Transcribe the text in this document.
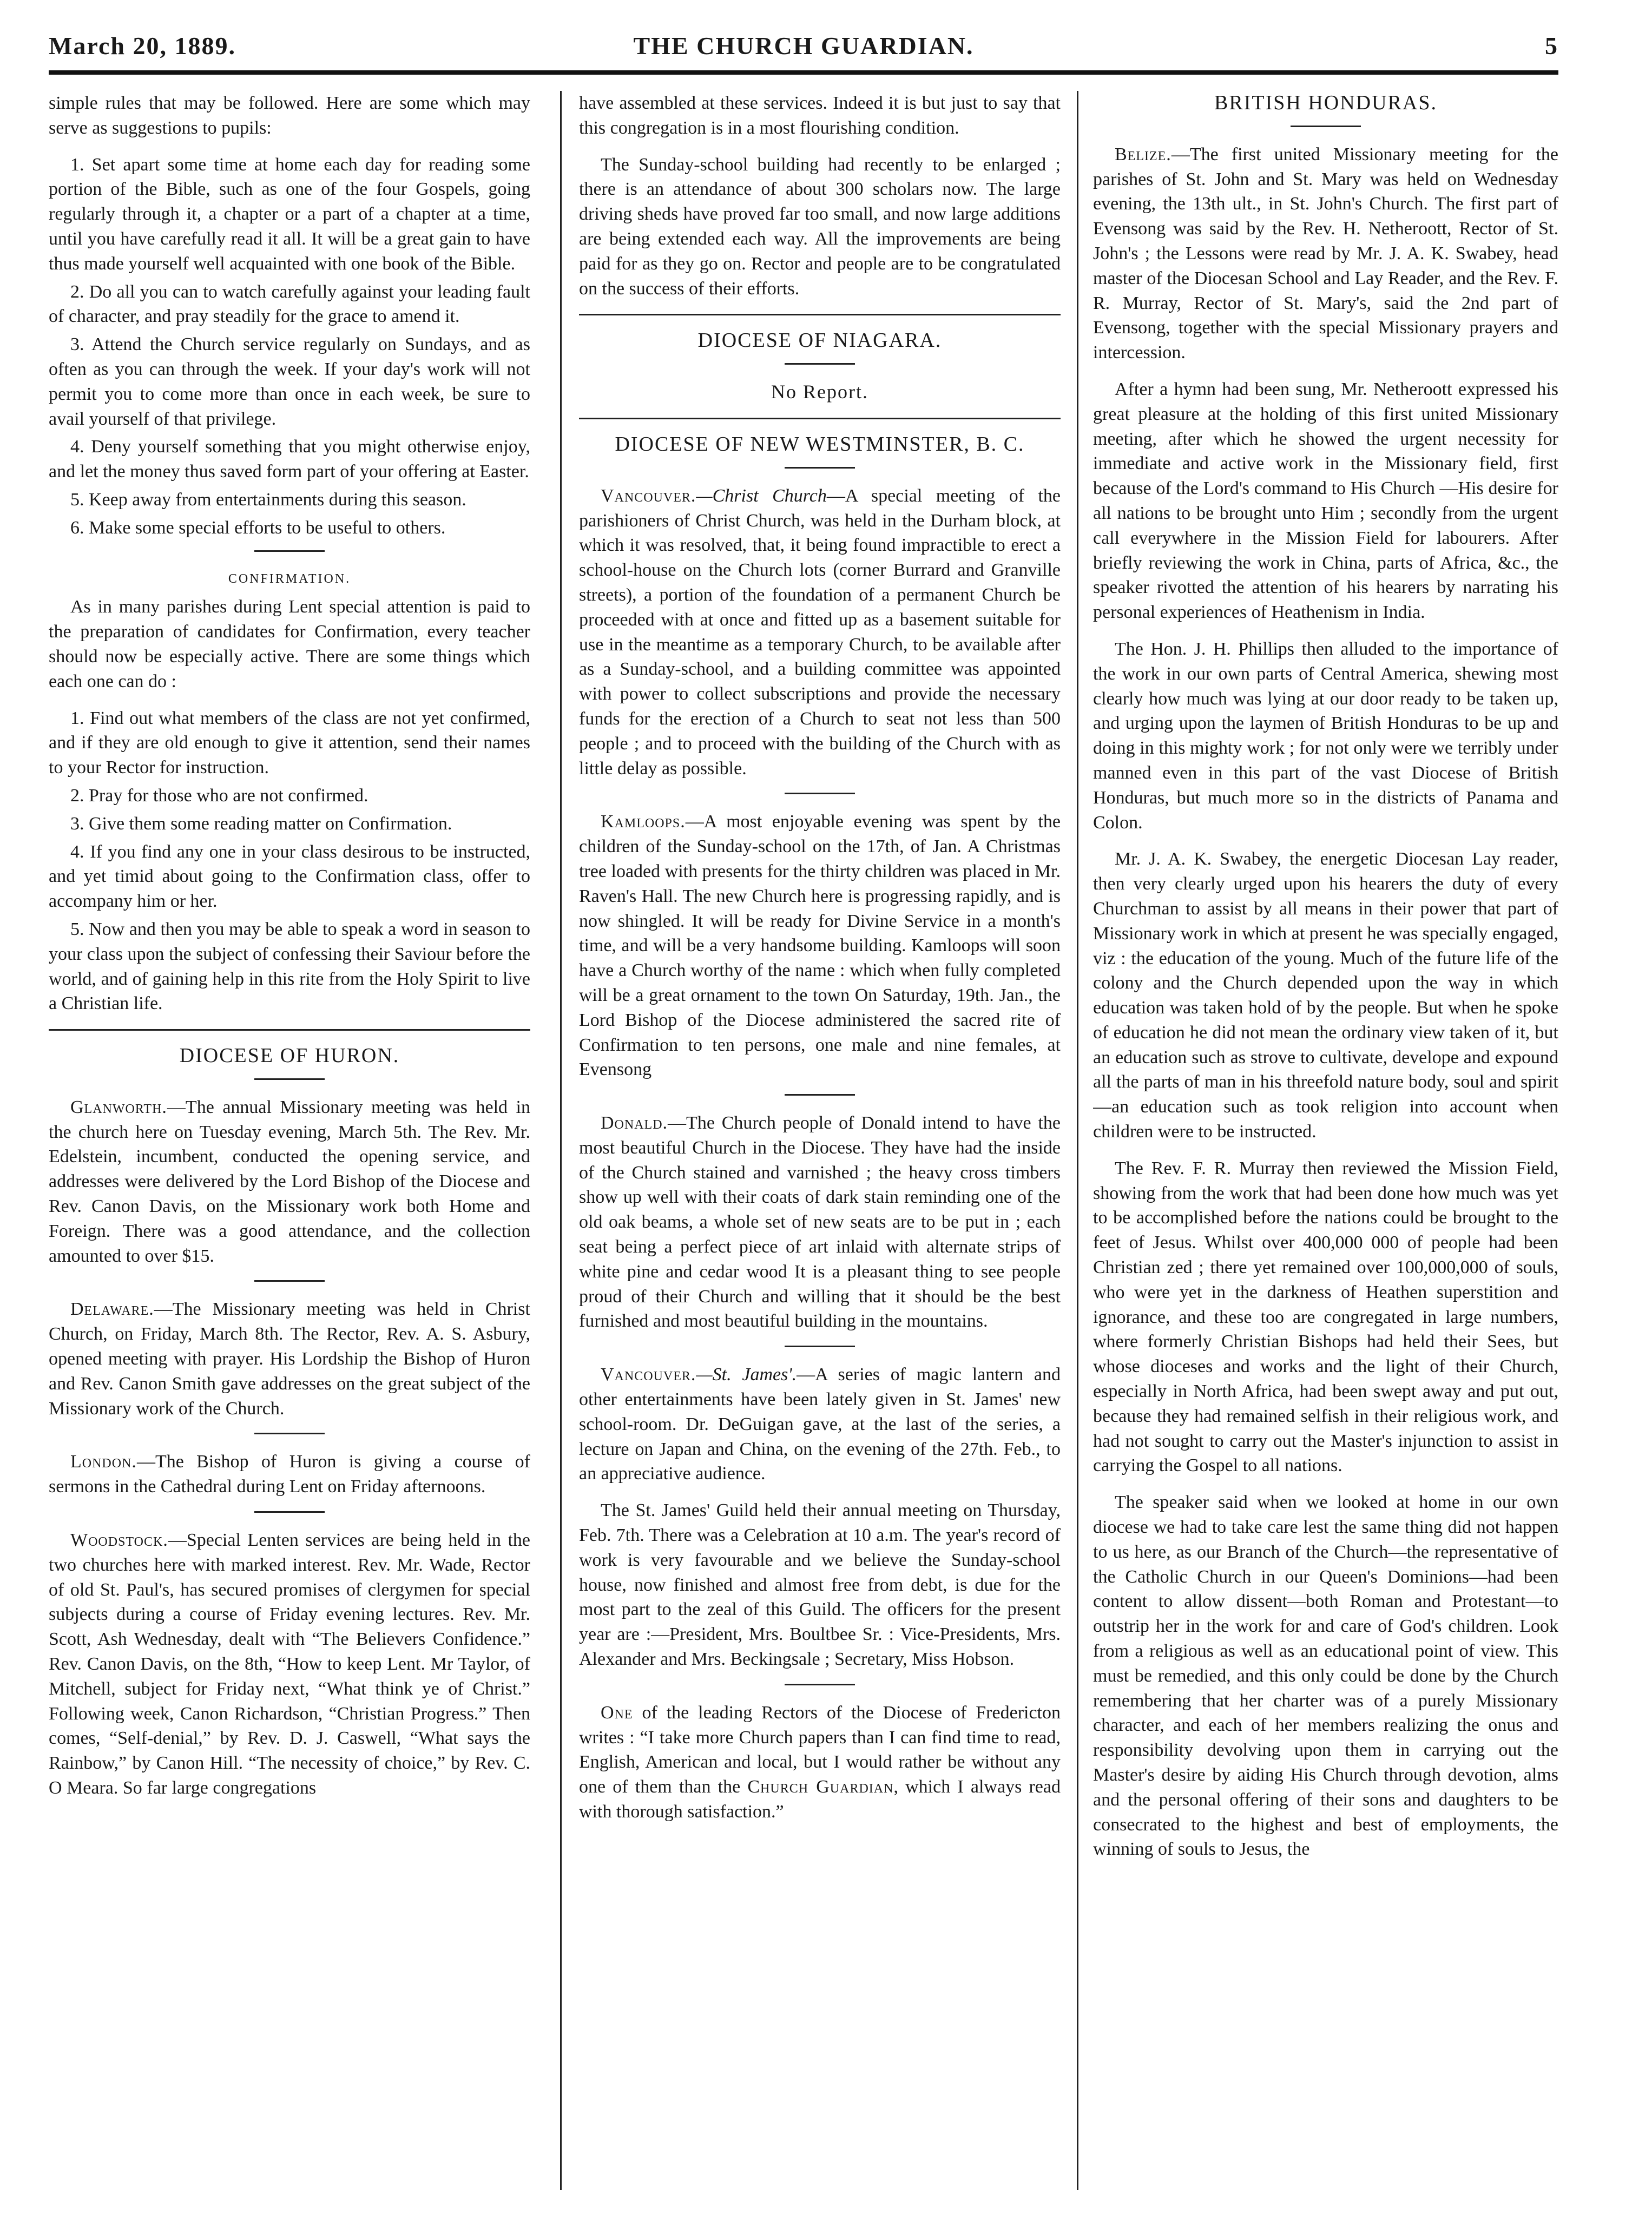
March 20, 1889.	THE CHURCH GUARDIAN.	5

simple rules that may be followed. Here are some which may serve as suggestions to pupils:

1. Set apart some time at home each day for reading some portion of the Bible, such as one of the four Gospels, going regularly through it, a chapter or a part of a chapter at a time, until you have carefully read it all. It will be a great gain to have thus made yourself well acquainted with one book of the Bible.

2. Do all you can to watch carefully against your leading fault of character, and pray steadily for the grace to amend it.

3. Attend the Church service regularly on Sundays, and as often as you can through the week. If your day's work will not permit you to come more than once in each week, be sure to avail yourself of that privilege.

4. Deny yourself something that you might otherwise enjoy, and let the money thus saved form part of your offering at Easter.

5. Keep away from entertainments during this season.

6. Make some special efforts to be useful to others.

CONFIRMATION.

As in many parishes during Lent special attention is paid to the preparation of candidates for Confirmation, every teacher should now be especially active. There are some things which each one can do :

1. Find out what members of the class are not yet confirmed, and if they are old enough to give it attention, send their names to your Rector for instruction.

2. Pray for those who are not confirmed.

3. Give them some reading matter on Confirmation.

4. If you find any one in your class desirous to be instructed, and yet timid about going to the Confirmation class, offer to accompany him or her.

5. Now and then you may be able to speak a word in season to your class upon the subject of confessing their Saviour before the world, and of gaining help in this rite from the Holy Spirit to live a Christian life.

DIOCESE OF HURON.

Glanworth.—The annual Missionary meeting was held in the church here on Tuesday evening, March 5th. The Rev. Mr. Edelstein, incumbent, conducted the opening service, and addresses were delivered by the Lord Bishop of the Diocese and Rev. Canon Davis, on the Missionary work both Home and Foreign. There was a good attendance, and the collection amounted to over $15.

Delaware.—The Missionary meeting was held in Christ Church, on Friday, March 8th. The Rector, Rev. A. S. Asbury, opened meeting with prayer. His Lordship the Bishop of Huron and Rev. Canon Smith gave addresses on the great subject of the Missionary work of the Church.

London.—The Bishop of Huron is giving a course of sermons in the Cathedral during Lent on Friday afternoons.

Woodstock.—Special Lenten services are being held in the two churches here with marked interest. Rev. Mr. Wade, Rector of old St. Paul's, has secured promises of clergymen for special subjects during a course of Friday evening lectures. Rev. Mr. Scott, Ash Wednesday, dealt with “The Believers Confidence.” Rev. Canon Davis, on the 8th, “How to keep Lent. Mr Taylor, of Mitchell, subject for Friday next, “What think ye of Christ.” Following week, Canon Richardson, “Christian Progress.” Then comes, “Self-denial,” by Rev. D. J. Caswell, “What says the Rainbow,” by Canon Hill. “The necessity of choice,” by Rev. C. O Meara. So far large congregations

have assembled at these services. Indeed it is but just to say that this congregation is in a most flourishing condition.

The Sunday-school building had recently to be enlarged ; there is an attendance of about 300 scholars now. The large driving sheds have proved far too small, and now large additions are being extended each way. All the improvements are being paid for as they go on. Rector and people are to be congratulated on the success of their efforts.

DIOCESE OF NIAGARA.
No Report.
DIOCESE OF NEW WESTMINSTER, B. C.

Vancouver.—Christ Church—A special meeting of the parishioners of Christ Church, was held in the Durham block, at which it was resolved, that, it being found impractible to erect a school-house on the Church lots (corner Burrard and Granville streets), a portion of the foundation of a permanent Church be proceeded with at once and fitted up as a basement suitable for use in the meantime as a temporary Church, to be available after as a Sunday-school, and a building committee was appointed with power to collect subscriptions and provide the necessary funds for the erection of a Church to seat not less than 500 people ; and to proceed with the building of the Church with as little delay as possible.

Kamloops.—A most enjoyable evening was spent by the children of the Sunday-school on the 17th, of Jan. A Christmas tree loaded with presents for the thirty children was placed in Mr. Raven's Hall. The new Church here is progressing rapidly, and is now shingled. It will be ready for Divine Service in a month's time, and will be a very handsome building. Kamloops will soon have a Church worthy of the name : which when fully completed will be a great ornament to the town On Saturday, 19th. Jan., the Lord Bishop of the Diocese administered the sacred rite of Confirmation to ten persons, one male and nine females, at Evensong

Donald.—The Church people of Donald intend to have the most beautiful Church in the Diocese. They have had the inside of the Church stained and varnished ; the heavy cross timbers show up well with their coats of dark stain reminding one of the old oak beams, a whole set of new seats are to be put in ; each seat being a perfect piece of art inlaid with alternate strips of white pine and cedar wood It is a pleasant thing to see people proud of their Church and willing that it should be the best furnished and most beautiful building in the mountains.

Vancouver.—St. James'.—A series of magic lantern and other entertainments have been lately given in St. James' new school-room. Dr. DeGuigan gave, at the last of the series, a lecture on Japan and China, on the evening of the 27th. Feb., to an appreciative audience.

The St. James' Guild held their annual meeting on Thursday, Feb. 7th. There was a Celebration at 10 a.m. The year's record of work is very favourable and we believe the Sunday-school house, now finished and almost free from debt, is due for the most part to the zeal of this Guild. The officers for the present year are :—President, Mrs. Boultbee Sr. : Vice-Presidents, Mrs. Alexander and Mrs. Beckingsale ; Secretary, Miss Hobson.

One of the leading Rectors of the Diocese of Fredericton writes : “I take more Church papers than I can find time to read, English, American and local, but I would rather be without any one of them than the Church Guardian, which I always read with thorough satisfaction.”

BRITISH HONDURAS.

Belize.—The first united Missionary meeting for the parishes of St. John and St. Mary was held on Wednesday evening, the 13th ult., in St. John's Church. The first part of Evensong was said by the Rev. H. Netheroott, Rector of St. John's ; the Lessons were read by Mr. J. A. K. Swabey, head master of the Diocesan School and Lay Reader, and the Rev. F. R. Murray, Rector of St. Mary's, said the 2nd part of Evensong, together with the special Missionary prayers and intercession.

After a hymn had been sung, Mr. Netheroott expressed his great pleasure at the holding of this first united Missionary meeting, after which he showed the urgent necessity for immediate and active work in the Missionary field, first because of the Lord's command to His Church —His desire for all nations to be brought unto Him ; secondly from the urgent call everywhere in the Mission Field for labourers. After briefly reviewing the work in China, parts of Africa, &c., the speaker rivotted the attention of his hearers by narrating his personal experiences of Heathenism in India.

The Hon. J. H. Phillips then alluded to the importance of the work in our own parts of Central America, shewing most clearly how much was lying at our door ready to be taken up, and urging upon the laymen of British Honduras to be up and doing in this mighty work ; for not only were we terribly under manned even in this part of the vast Diocese of British Honduras, but much more so in the districts of Panama and Colon.

Mr. J. A. K. Swabey, the energetic Diocesan Lay reader, then very clearly urged upon his hearers the duty of every Churchman to assist by all means in their power that part of Missionary work in which at present he was specially engaged, viz : the education of the young. Much of the future life of the colony and the Church depended upon the way in which education was taken hold of by the people. But when he spoke of education he did not mean the ordinary view taken of it, but an education such as strove to cultivate, develope and expound all the parts of man in his threefold nature body, soul and spirit—an education such as took religion into account when children were to be instructed.

The Rev. F. R. Murray then reviewed the Mission Field, showing from the work that had been done how much was yet to be accomplished before the nations could be brought to the feet of Jesus. Whilst over 400,000 000 of people had been Christian zed ; there yet remained over 100,000,000 of souls, who were yet in the darkness of Heathen superstition and ignorance, and these too are congregated in large numbers, where formerly Christian Bishops had held their Sees, but whose dioceses and works and the light of their Church, especially in North Africa, had been swept away and put out, because they had remained selfish in their religious work, and had not sought to carry out the Master's injunction to assist in carrying the Gospel to all nations.

The speaker said when we looked at home in our own diocese we had to take care lest the same thing did not happen to us here, as our Branch of the Church—the representative of the Catholic Church in our Queen's Dominions—had been content to allow dissent—both Roman and Protestant—to outstrip her in the work for and care of God's children. Look from a religious as well as an educational point of view. This must be remedied, and this only could be done by the Church remembering that her charter was of a purely Missionary character, and each of her members realizing the onus and responsibility devolving upon them in carrying out the Master's desire by aiding His Church through devotion, alms and the personal offering of their sons and daughters to be consecrated to the highest and best of employments, the winning of souls to Jesus, the
